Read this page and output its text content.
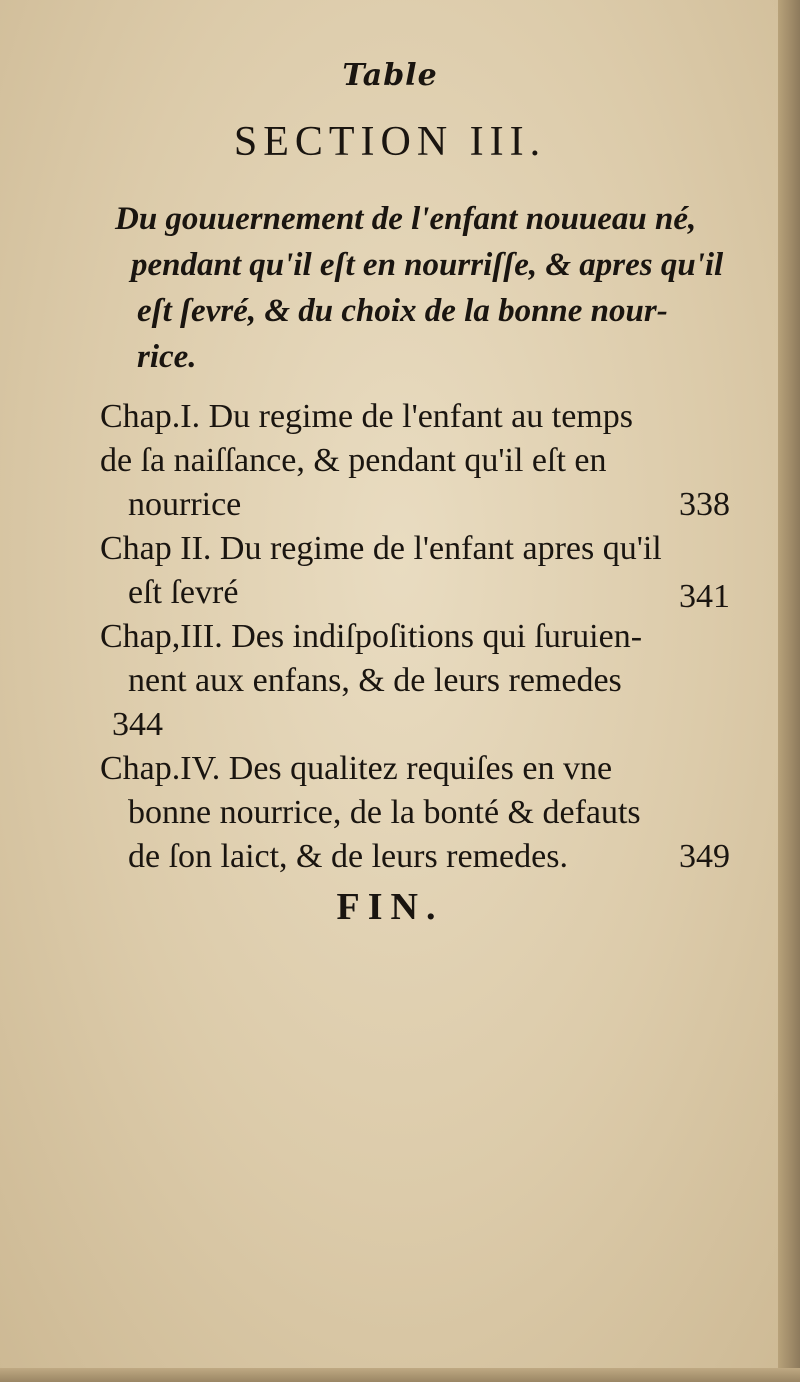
Table
SECTION III.
Du gouuernement de l'enfant nouueau né,
pendant qu'il eſt en nourriſſe, & apres qu'il
eſt ſevré, & du choix de la bonne nour-
rice.
Chap.I. Du regime de l'enfant au temps
de ſa naiſſance, & pendant qu'il eſt en
nourrice	338
Chap II. Du regime de l'enfant apres qu'il
eſt ſevré	341
Chap,III. Des indiſpoſitions qui ſuruien-
nent aux enfans, & de leurs remedes
344
Chap.IV. Des qualitez requiſes en vne
bonne nourrice, de la bonté & defauts
de ſon laict, & de leurs remedes.	349
FIN.
